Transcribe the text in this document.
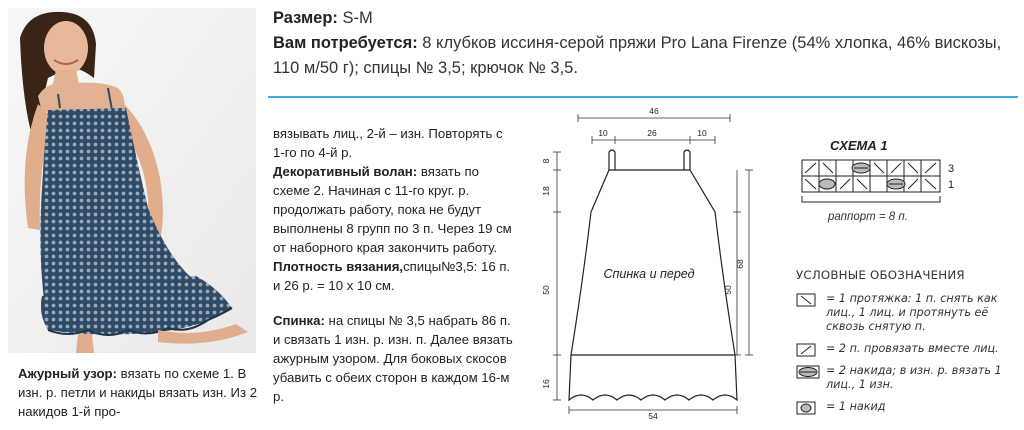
Размер: S-M
Вам потребуется: 8 клубков иссиня-серой пряжи Pro Lana Firenze (54% хлопка, 46% вискозы, 110 м/50 г); спицы № 3,5; крючок № 3,5.
Ажурный узор: вязать по схеме 1. В изн. р. петли и накиды вязать изн. Из 2 накидов 1-й про-

вязывать лиц., 2-й – изн. Повторять с 1-го по 4-й р.

Декоративный волан: вязать по схеме 2. Начиная с 11-го круг. р. продолжать работу, пока не будут выполнены 8 групп по 3 п. Через 19 см от наборного края закончить работу.

Плотность вязания,спицы№3,5: 16 п. и 26 р. = 10 х 10 см.

Спинка: на спицы № 3,5 набрать 86 п. и связать 1 изн. р. изн. п. Далее вязать ажурным узором. Для боковых скосов убавить с обеих сторон в каждом 16-м р.

46
10	26	10
Спинка и перед
8
18
50
16
50
68
54
СХЕМА 1
3
1
раппорт = 8 п.
УСЛОВНЫЕ ОБОЗНАЧЕНИЯ
= 1 протяжка: 1 п. снять как лиц., 1 лиц. и протянуть её сквозь снятую п.
= 2 п. провязать вместе лиц.
= 2 накида; в изн. р. вязать 1 лиц., 1 изн.
= 1 накид
